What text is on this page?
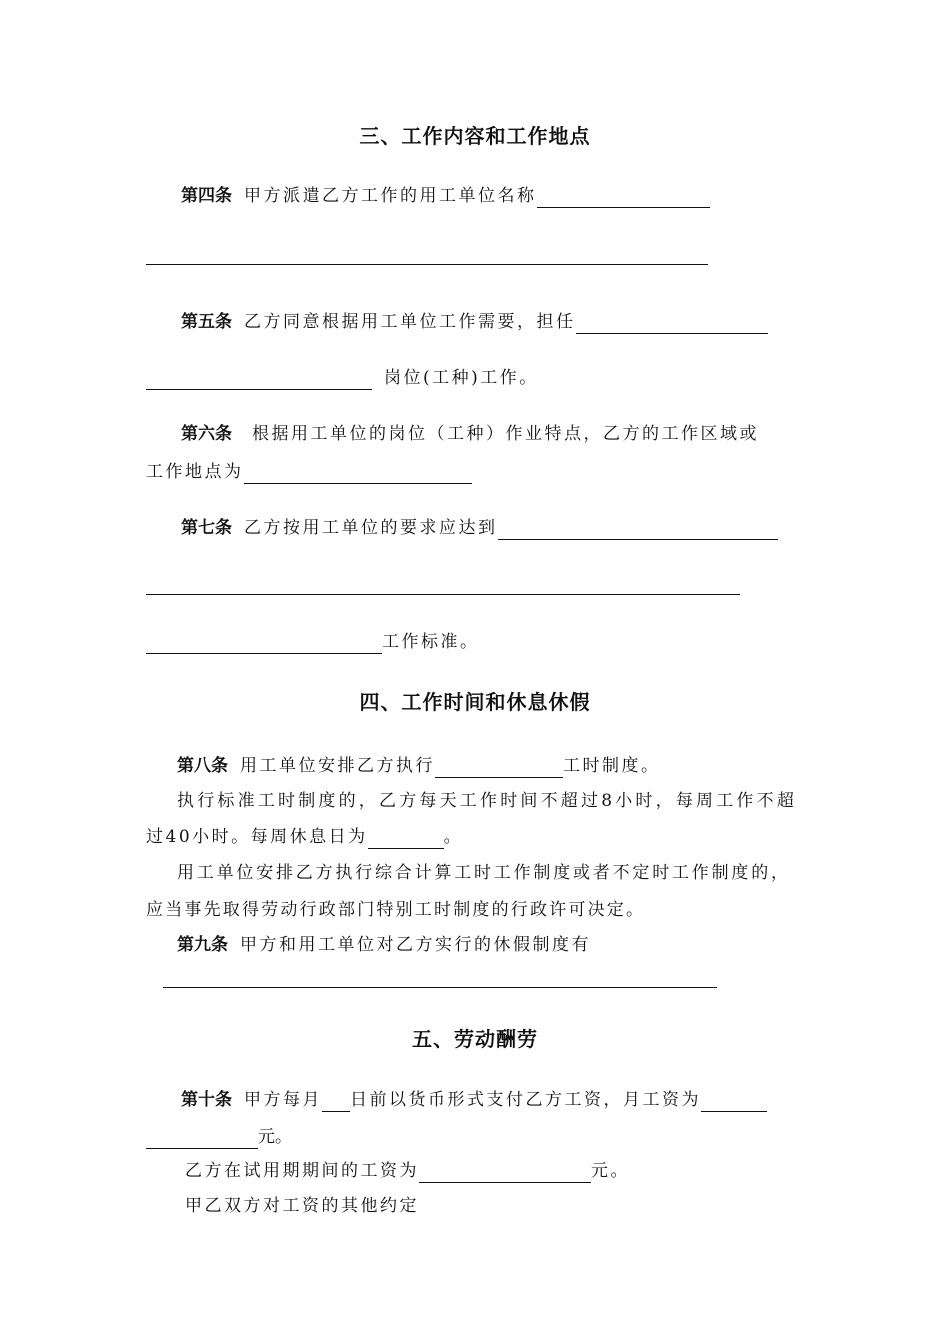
三、工作内容和工作地点
第四条 甲方派遣乙方工作的用工单位名称
第五条 乙方同意根据用工单位工作需要，担任
岗位(工种)工作。
第六条 根据用工单位的岗位（工种）作业特点，乙方的工作区域或
工作地点为
第七条 乙方按用工单位的要求应达到
工作标准。
四、工作时间和休息休假
第八条 用工单位安排乙方执行	工时制度。
执行标准工时制度的，乙方每天工作时间不超过8小时，每周工作不超
过40小时。每周休息日为	。
用工单位安排乙方执行综合计算工时工作制度或者不定时工作制度的，
应当事先取得劳动行政部门特别工时制度的行政许可决定。
第九条 甲方和用工单位对乙方实行的休假制度有
五、劳动酬劳
第十条 甲方每月 日前以货币形式支付乙方工资，月工资为
元。
乙方在试用期期间的工资为	元。
甲乙双方对工资的其他约定
